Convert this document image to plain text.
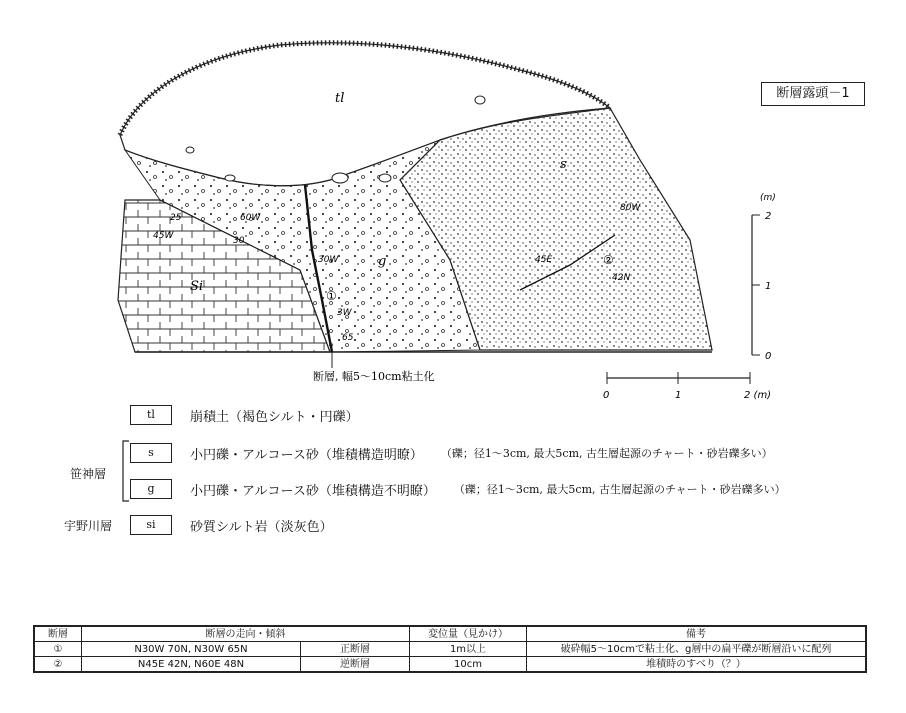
tl
g
s
Si
①
②
25
45W
60W
30
30W
3W
65
80W
45E
42N
断層, 幅5～10cm粘土化
(m)
2
1
0
0	1	2 (m)
断層露頭－1
tl	崩積土（褐色シルト・円礫）
s	小円礫・アルコース砂（堆積構造明瞭） （礫；径1～3cm, 最大5cm, 古生層起源のチャート・砂岩礫多い）
g	小円礫・アルコース砂（堆積構造不明瞭） （礫；径1～3cm, 最大5cm, 古生層起源のチャート・砂岩礫多い）
si	砂質シルト岩（淡灰色）
笹神層
宇野川層
断層	断層の走向・傾斜		変位量（見かけ）	備考
①	N30W 70N, N30W 65N	正断層	1m以上	破砕幅5～10cmで粘土化、g層中の扁平礫が断層沿いに配列
②	N45E 42N, N60E 48N	逆断層	10cm	堆積時のすべり（？）
